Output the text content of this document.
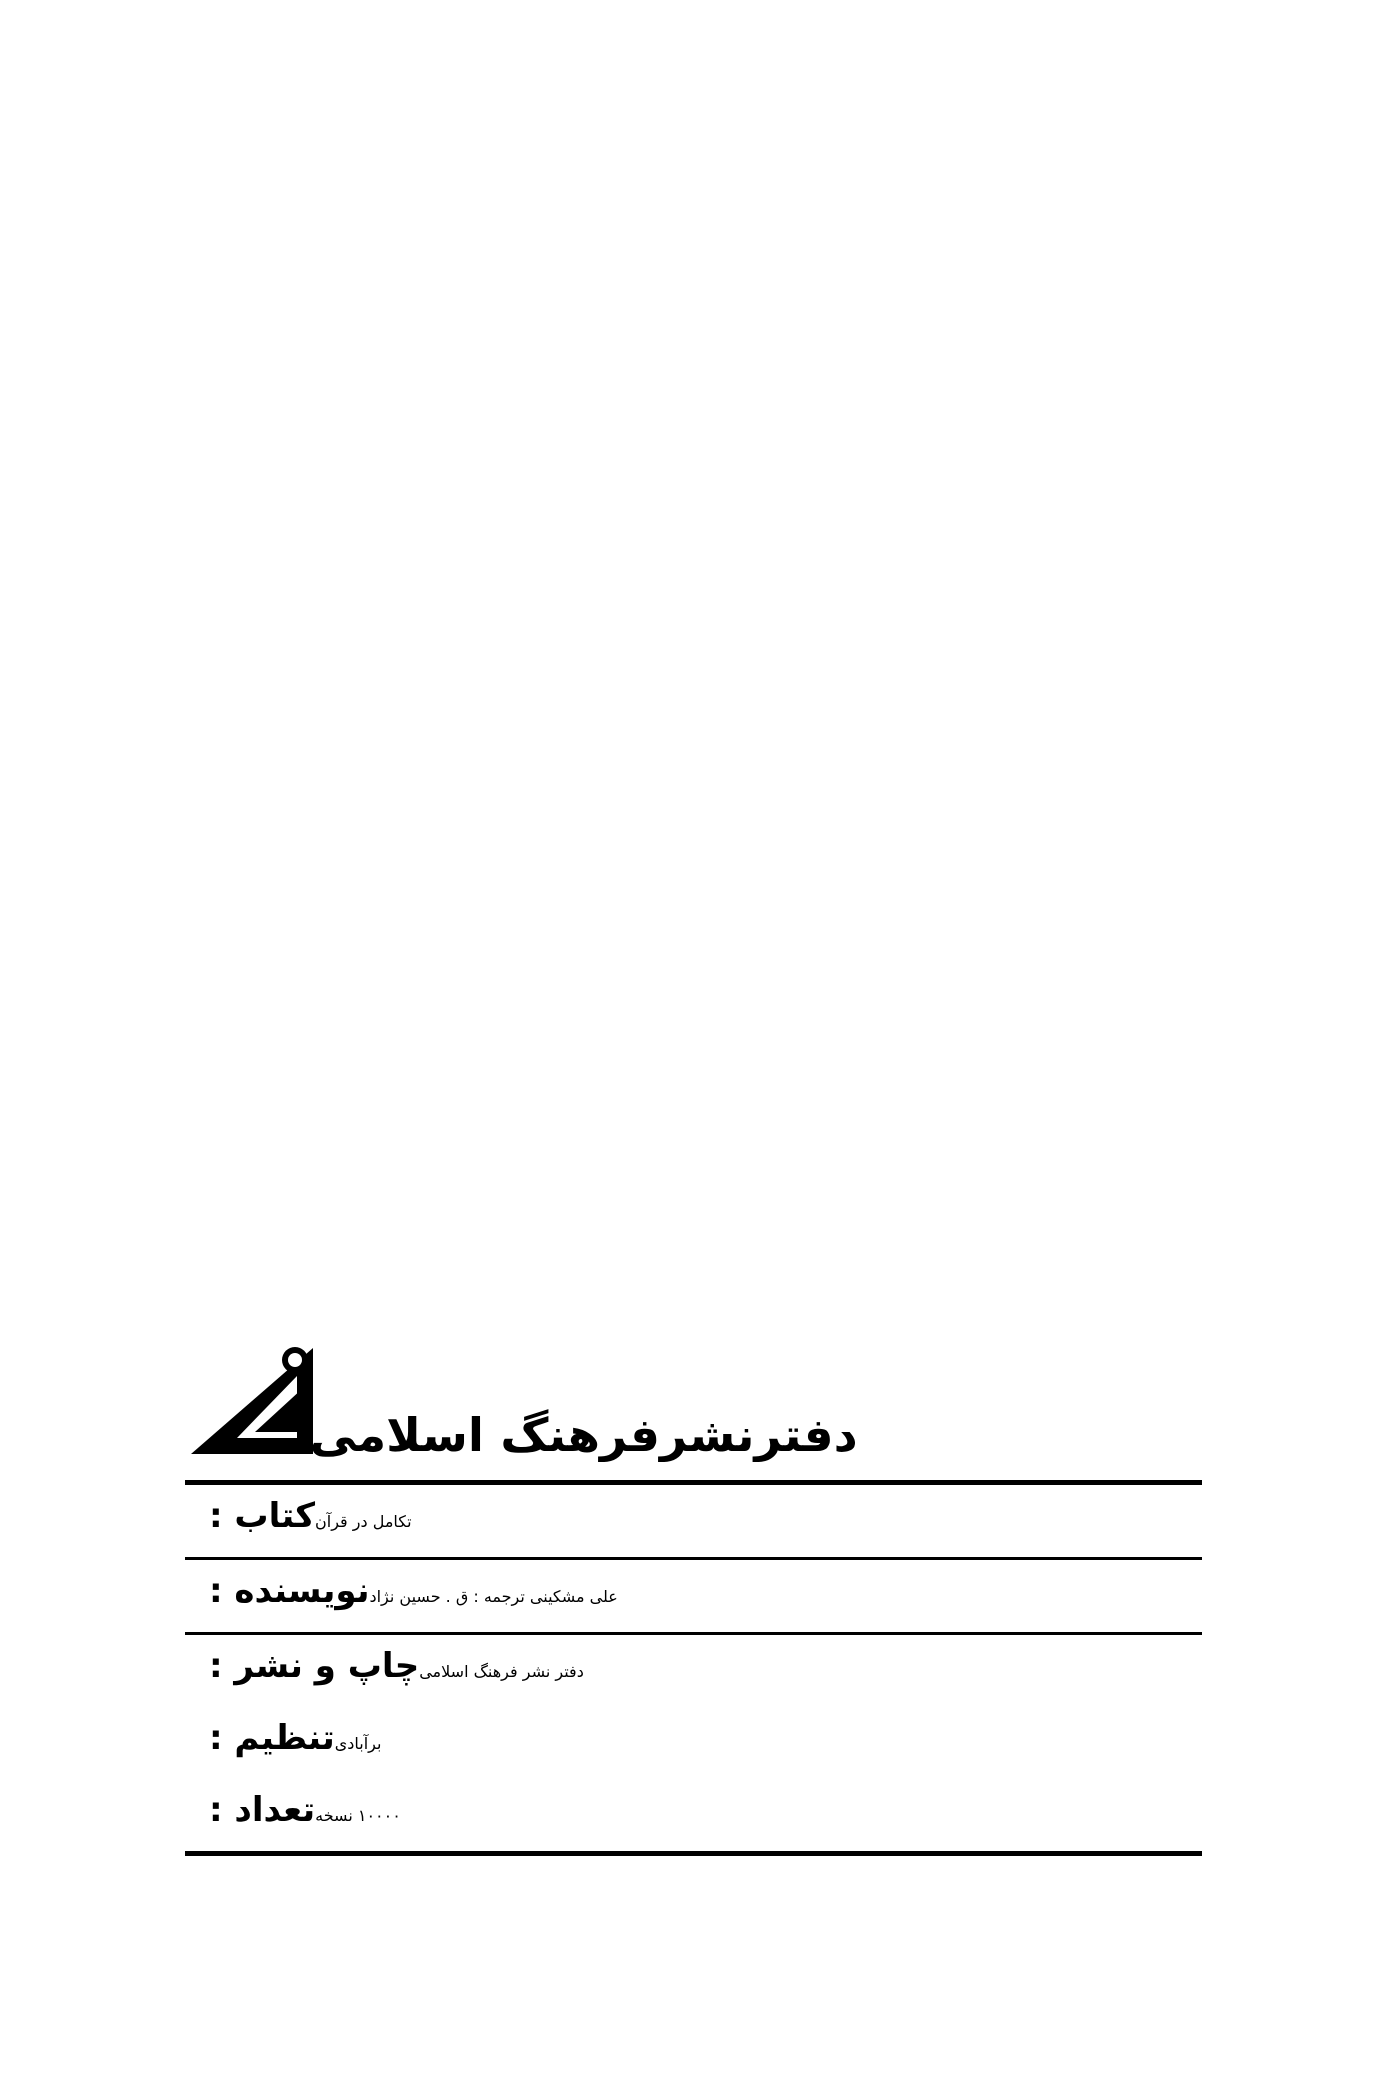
دفترنشرفرهنگ اسلامی
کتاب : تکامل در قرآن
نویسنده : علی مشکینی ترجمه : ق . حسین نژاد
چاپ و نشر : دفتر نشر فرهنگ اسلامی
تنظیم : برآبادی
تعداد : ۱۰۰۰۰ نسخه
